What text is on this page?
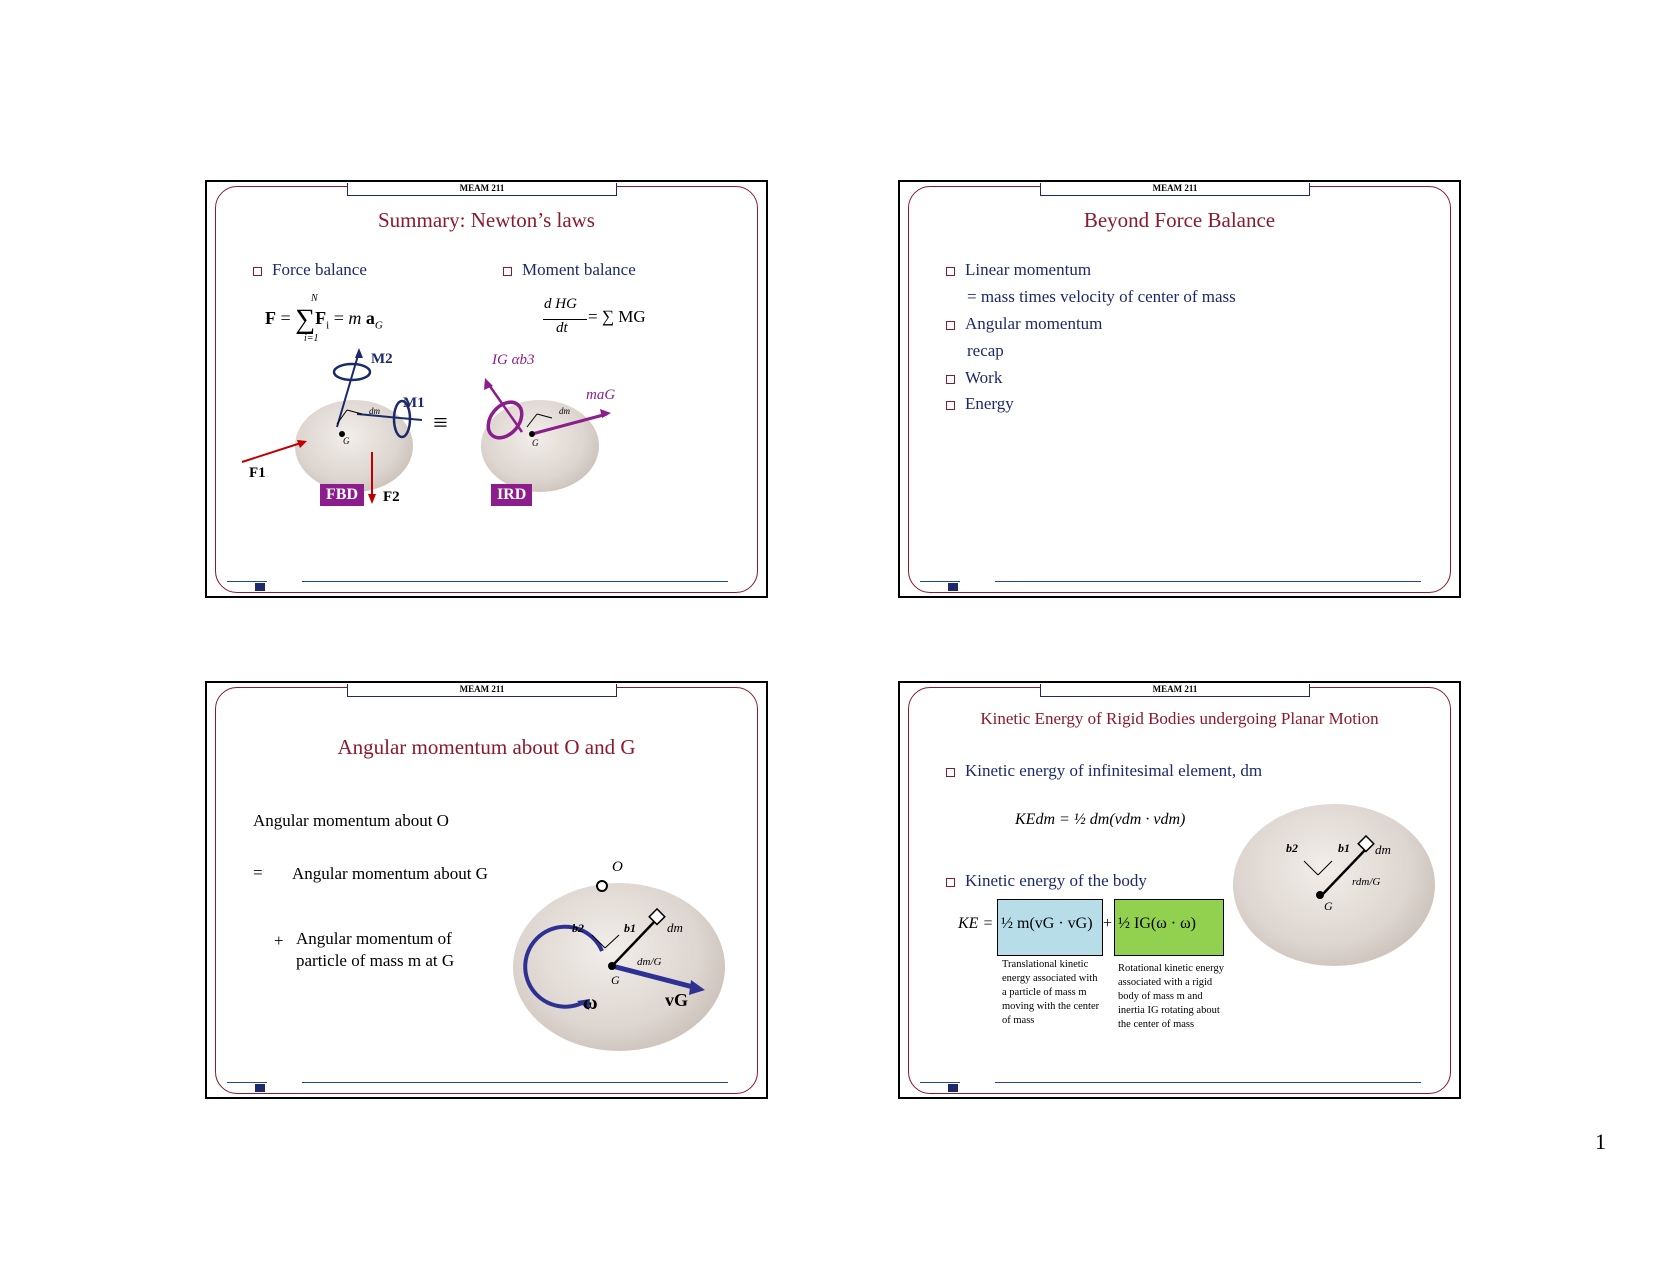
MEAM 211
Summary: Newton’s laws
Force balance	Moment balance
$F = \sum F_i = m$ $a_G$
N
i=1
d HG
dt
= ∑ MG
M2
M1
F1
F2
dm
G
FBD
≡
IG αb3
maG
dm
G
IRD
MEAM 211
Beyond Force Balance
Linear momentum
= mass times velocity of center of mass
Angular momentum
recap
Work
Energy
MEAM 211
Angular momentum about O and G
Angular momentum about O
= Angular momentum about G
+ Angular momentum of
particle of mass m at G
O
b2	b1 dm
dm/G
G
ω	vG
MEAM 211
Kinetic Energy of Rigid Bodies undergoing Planar Motion
Kinetic energy of infinitesimal element, dm
KEdm = ½ dm(vdm · vdm)
Kinetic energy of the body
KE = ½ m(vG · vG) + ½ IG(ω · ω)
Translational kinetic energy associated with a particle of mass m moving with the center of mass
Rotational kinetic energy associated with a rigid body of mass m and inertia IG rotating about the center of mass
b2	b1 dm
rdm/G
G
1
